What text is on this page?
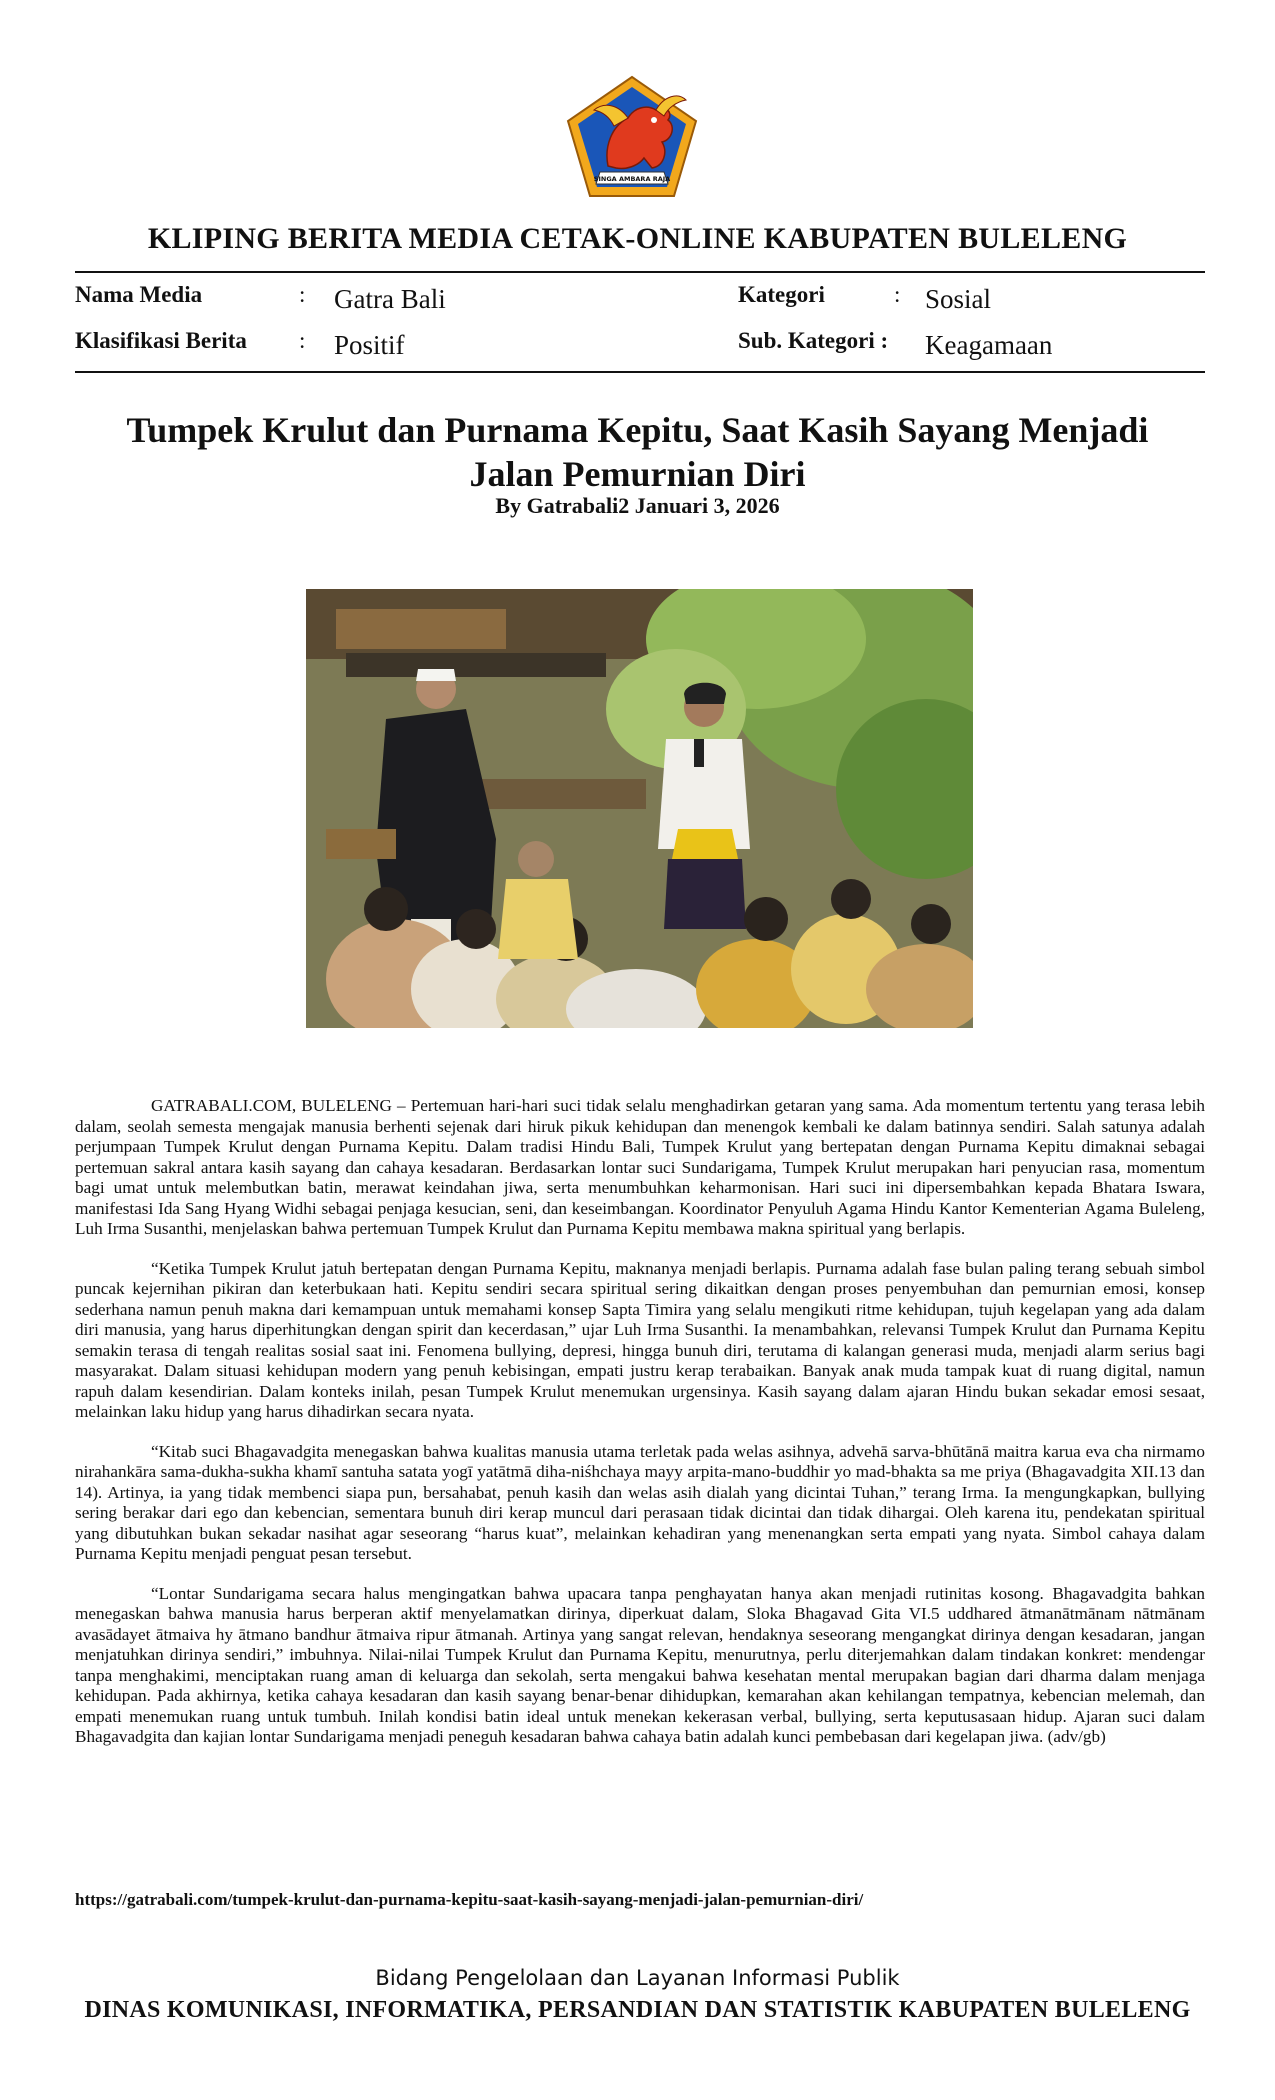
SINGA AMBARA RAJA
KLIPING BERITA MEDIA CETAK-ONLINE KABUPATEN BULELENG
Nama Media	: Gatra Bali
Klasifikasi Berita : Positif
Kategori	: Sosial
Sub. Kategori : Keagamaan
Tumpek Krulut dan Purnama Kepitu, Saat Kasih Sayang Menjadi Jalan Pemurnian Diri
By Gatrabali2 Januari 3, 2026

GATRABALI.COM, BULELENG – Pertemuan hari-hari suci tidak selalu menghadirkan getaran yang sama. Ada momentum tertentu yang terasa lebih dalam, seolah semesta mengajak manusia berhenti sejenak dari hiruk pikuk kehidupan dan menengok kembali ke dalam batinnya sendiri. Salah satunya adalah perjumpaan Tumpek Krulut dengan Purnama Kepitu. Dalam tradisi Hindu Bali, Tumpek Krulut yang bertepatan dengan Purnama Kepitu dimaknai sebagai pertemuan sakral antara kasih sayang dan cahaya kesadaran. Berdasarkan lontar suci Sundarigama, Tumpek Krulut merupakan hari penyucian rasa, momentum bagi umat untuk melembutkan batin, merawat keindahan jiwa, serta menumbuhkan keharmonisan. Hari suci ini dipersembahkan kepada Bhatara Iswara, manifestasi Ida Sang Hyang Widhi sebagai penjaga kesucian, seni, dan keseimbangan. Koordinator Penyuluh Agama Hindu Kantor Kementerian Agama Buleleng, Luh Irma Susanthi, menjelaskan bahwa pertemuan Tumpek Krulut dan Purnama Kepitu membawa makna spiritual yang berlapis.

“Ketika Tumpek Krulut jatuh bertepatan dengan Purnama Kepitu, maknanya menjadi berlapis. Purnama adalah fase bulan paling terang sebuah simbol puncak kejernihan pikiran dan keterbukaan hati. Kepitu sendiri secara spiritual sering dikaitkan dengan proses penyembuhan dan pemurnian emosi, konsep sederhana namun penuh makna dari kemampuan untuk memahami konsep Sapta Timira yang selalu mengikuti ritme kehidupan, tujuh kegelapan yang ada dalam diri manusia, yang harus diperhitungkan dengan spirit dan kecerdasan,” ujar Luh Irma Susanthi. Ia menambahkan, relevansi Tumpek Krulut dan Purnama Kepitu semakin terasa di tengah realitas sosial saat ini. Fenomena bullying, depresi, hingga bunuh diri, terutama di kalangan generasi muda, menjadi alarm serius bagi masyarakat. Dalam situasi kehidupan modern yang penuh kebisingan, empati justru kerap terabaikan. Banyak anak muda tampak kuat di ruang digital, namun rapuh dalam kesendirian. Dalam konteks inilah, pesan Tumpek Krulut menemukan urgensinya. Kasih sayang dalam ajaran Hindu bukan sekadar emosi sesaat, melainkan laku hidup yang harus dihadirkan secara nyata.

“Kitab suci Bhagavadgita menegaskan bahwa kualitas manusia utama terletak pada welas asihnya, adve͏h͏ā sarva-bhūtānā͏ maitra͏ karu͏a eva cha nirmamo nirahankāra͏ sama-du͏kha-sukha͏ k͏hamī santu͏h͏a͏ satata͏ yogī yatātmā d͏i͏ha-niśhchaya͏ mayy arpita-mano-buddhir yo mad-bhakta͏ sa me priya͏ (Bhagavadgita XII.13 dan 14). Artinya, ia yang tidak membenci siapa pun, bersahabat, penuh kasih dan welas asih dialah yang dicintai Tuhan,” terang Irma. Ia mengungkapkan, bullying sering berakar dari ego dan kebencian, sementara bunuh diri kerap muncul dari perasaan tidak dicintai dan tidak dihargai. Oleh karena itu, pendekatan spiritual yang dibutuhkan bukan sekadar nasihat agar seseorang “harus kuat”, melainkan kehadiran yang menenangkan serta empati yang nyata. Simbol cahaya dalam Purnama Kepitu menjadi penguat pesan tersebut.

“Lontar Sundarigama secara halus mengingatkan bahwa upacara tanpa penghayatan hanya akan menjadi rutinitas kosong. Bhagavadgita bahkan menegaskan bahwa manusia harus berperan aktif menyelamatkan dirinya, diperkuat dalam, Sloka Bhagavad Gita VI.5 uddhared ātmanātmānam͏ nātmānam avasādayet ātmaiva hy ātmano bandhur ātmaiva ripur ātmanah͏. Artinya yang sangat relevan, hendaknya seseorang mengangkat dirinya dengan kesadaran, jangan menjatuhkan dirinya sendiri,” imbuhnya. Nilai-nilai Tumpek Krulut dan Purnama Kepitu, menurutnya, perlu diterjemahkan dalam tindakan konkret: mendengar tanpa menghakimi, menciptakan ruang aman di keluarga dan sekolah, serta mengakui bahwa kesehatan mental merupakan bagian dari dharma dalam menjaga kehidupan. Pada akhirnya, ketika cahaya kesadaran dan kasih sayang benar-benar dihidupkan, kemarahan akan kehilangan tempatnya, kebencian melemah, dan empati menemukan ruang untuk tumbuh. Inilah kondisi batin ideal untuk menekan kekerasan verbal, bullying, serta keputusasaan hidup. Ajaran suci dalam Bhagavadgita dan kajian lontar Sundarigama menjadi peneguh kesadaran bahwa cahaya batin adalah kunci pembebasan dari kegelapan jiwa. (adv/gb)

https://gatrabali.com/tumpek-krulut-dan-purnama-kepitu-saat-kasih-sayang-menjadi-jalan-pemurnian-diri/
Bidang Pengelolaan dan Layanan Informasi Publik
DINAS KOMUNIKASI, INFORMATIKA, PERSANDIAN DAN STATISTIK KABUPATEN BULELENG
